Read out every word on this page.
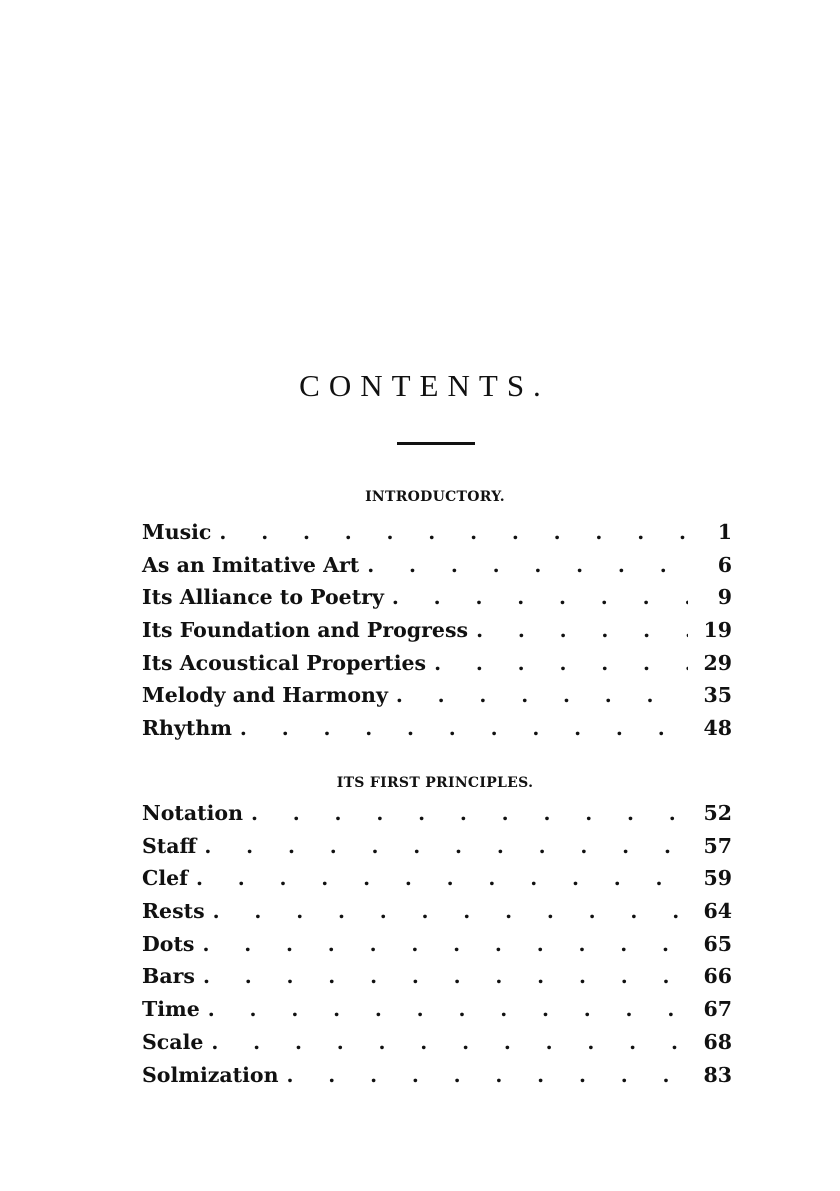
CONTENTS.
INTRODUCTORY.
Music .	1
As an Imitative Art .	6
Its Alliance to Poetry .	9
Its Foundation and Progress .	19
Its Acoustical Properties .	29
Melody and Harmony .	35
Rhythm .	48
ITS FIRST PRINCIPLES.
Notation .	52
Staff .	57
Clef .	59
Rests .	64
Dots .	65
Bars .	66
Time .	67
Scale .	68
Solmization .	83
